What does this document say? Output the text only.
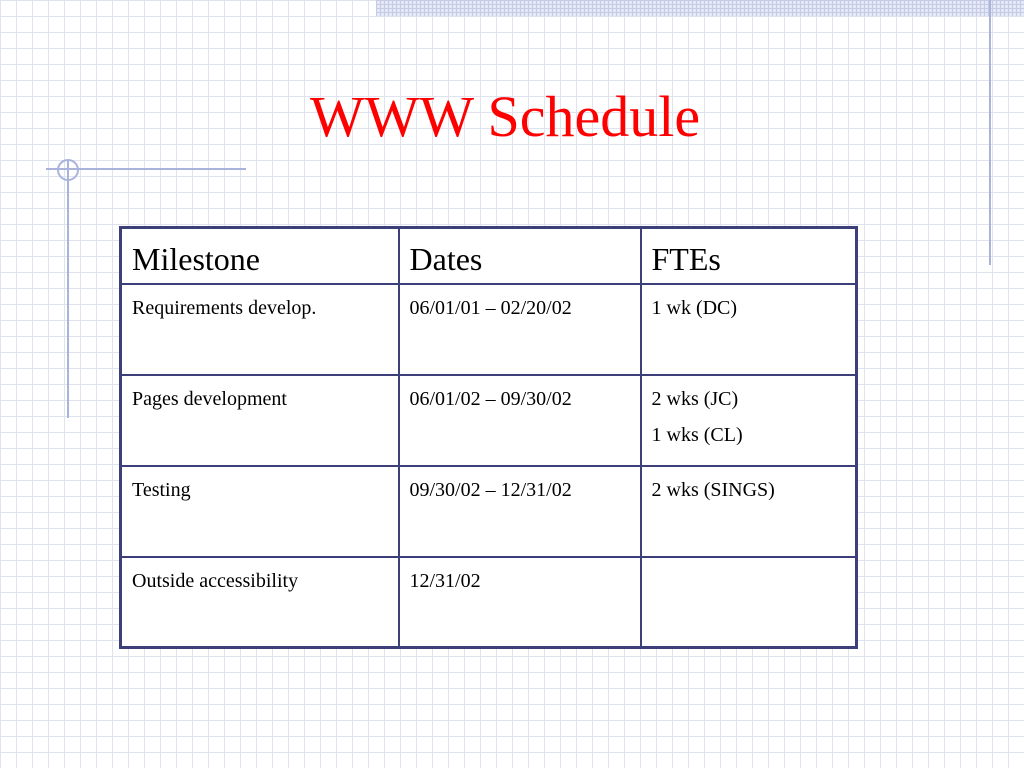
WWW Schedule
Milestone	Dates	FTEs
Requirements develop.	06/01/01 – 02/20/02	1 wk (DC)

Pages development	06/01/02 – 09/30/02	2 wks (JC)
1 wks (CL)

Testing	09/30/02 – 12/31/02	2 wks (SINGS)

Outside accessibility	12/31/02	
